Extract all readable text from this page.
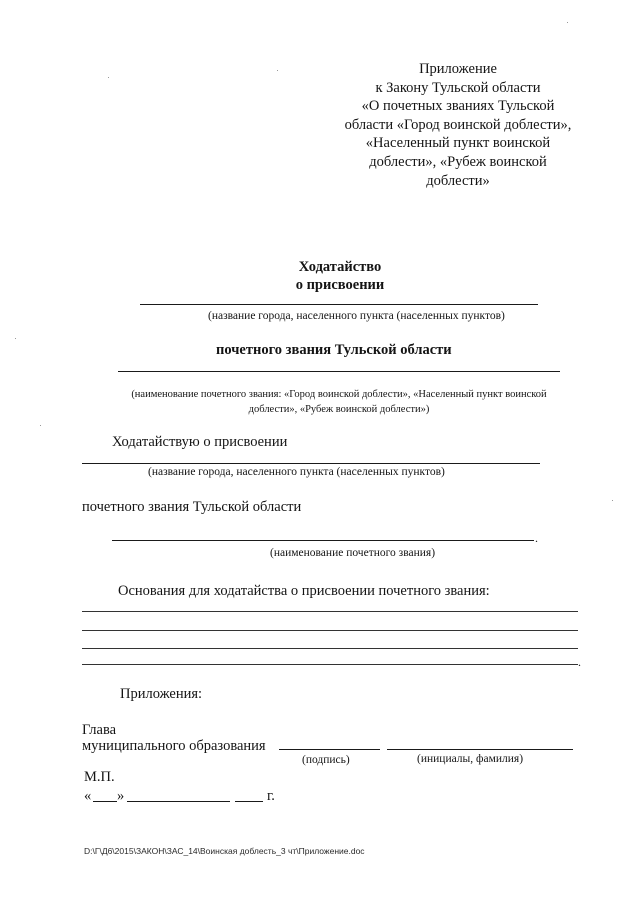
Приложение
к Закону Тульской области
«О почетных званиях Тульской
области «Город воинской доблести»,
«Населенный пункт воинской
доблести», «Рубеж воинской
доблести»
Ходатайство
о присвоении
(название города, населенного пункта (населенных пунктов)
почетного звания Тульской области
(наименование почетного звания: «Город воинской доблести», «Населенный пункт воинской доблести», «Рубеж воинской доблести»)
Ходатайствую о присвоении
(название города, населенного пункта (населенных пунктов)
почетного звания Тульской области
.
(наименование почетного звания)
Основания для ходатайства о присвоении почетного звания:
.
Приложения:
Глава
муниципального образования
(подпись)	(инициалы, фамилия)
М.П.
« »	г.
D:\Г\Д6\2015\ЗАКОН\ЗАС_14\Воинская доблесть_3 чт\Приложение.doc
